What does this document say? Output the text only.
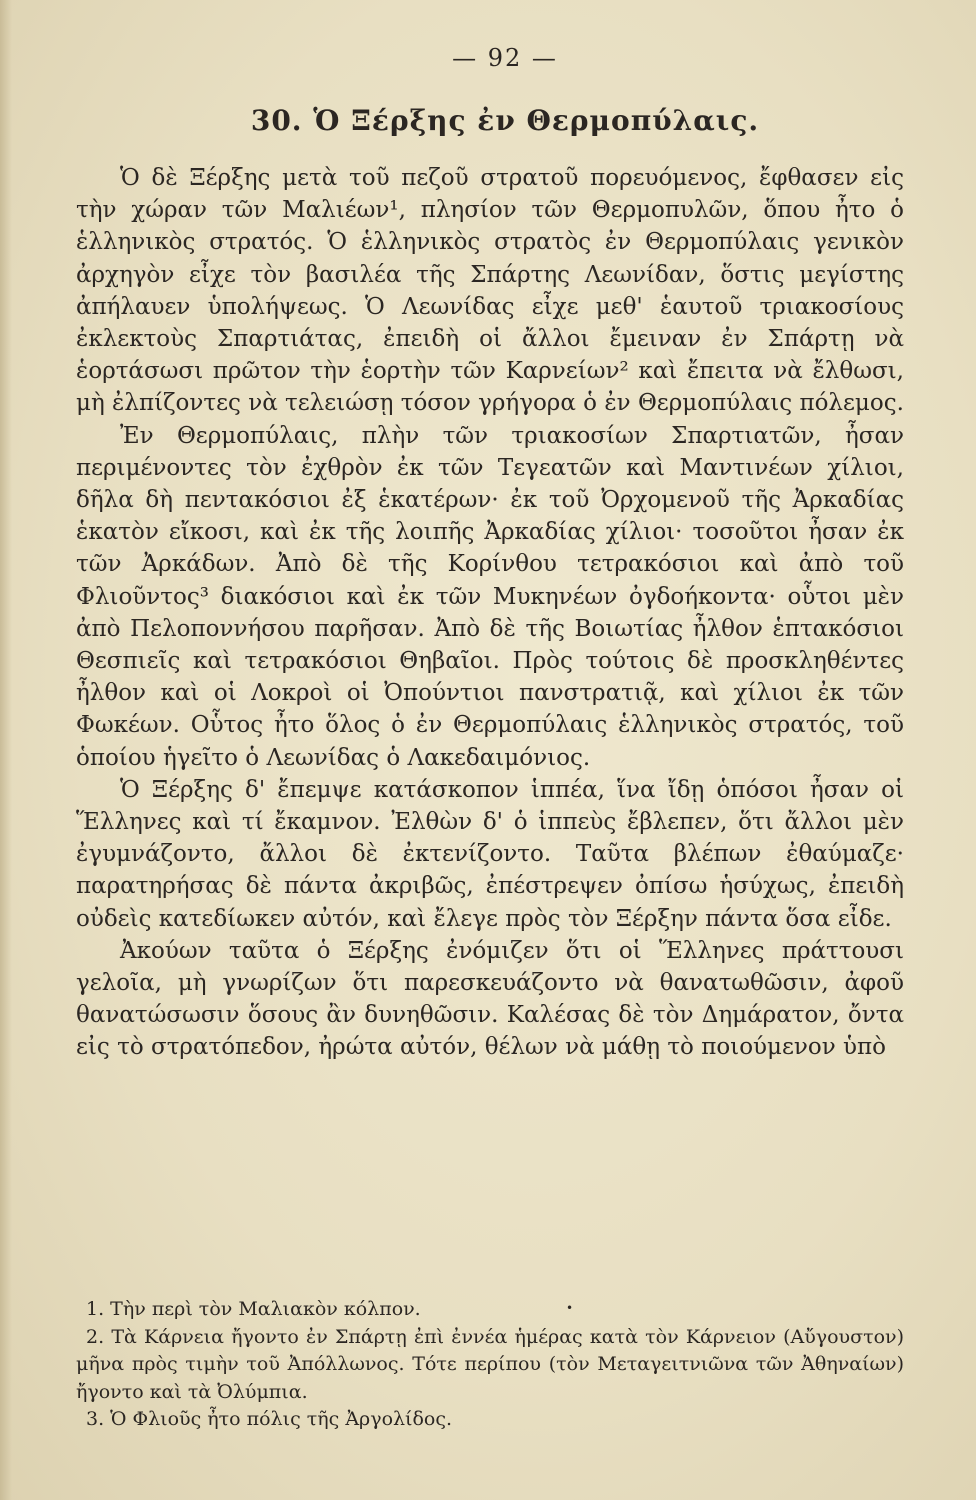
— 92 —
30. Ὁ Ξέρξης ἐν Θερμοπύλαις.

Ὁ δὲ Ξέρξης μετὰ τοῦ πεζοῦ στρατοῦ πορευόμενος, ἔφθασεν εἰς τὴν χώραν τῶν Μαλιέων¹, πλησίον τῶν Θερμοπυλῶν, ὅπου ἦτο ὁ ἑλληνικὸς στρατός. Ὁ ἑλληνικὸς στρατὸς ἐν Θερμοπύλαις γενικὸν ἀρχηγὸν εἶχε τὸν βασιλέα τῆς Σπάρτης Λεωνίδαν, ὅστις μεγίστης ἀπήλαυεν ὑπολήψεως. Ὁ Λεωνίδας εἶχε μεθ' ἑαυτοῦ τριακοσίους ἐκλεκτοὺς Σπαρτιάτας, ἐπειδὴ οἱ ἄλλοι ἔμειναν ἐν Σπάρτῃ νὰ ἑορτάσωσι πρῶτον τὴν ἑορτὴν τῶν Καρνείων² καὶ ἔπειτα νὰ ἔλθωσι, μὴ ἐλπίζοντες νὰ τελειώσῃ τόσον γρήγορα ὁ ἐν Θερμοπύλαις πόλεμος.

Ἐν Θερμοπύλαις, πλὴν τῶν τριακοσίων Σπαρτιατῶν, ἦσαν περιμένοντες τὸν ἐχθρὸν ἐκ τῶν Τεγεατῶν καὶ Μαντινέων χίλιοι, δῆλα δὴ πεντακόσιοι ἐξ ἑκατέρων· ἐκ τοῦ Ὀρχομενοῦ τῆς Ἀρκαδίας ἑκατὸν εἴκοσι, καὶ ἐκ τῆς λοιπῆς Ἀρκαδίας χίλιοι· τοσοῦτοι ἦσαν ἐκ τῶν Ἀρκάδων. Ἀπὸ δὲ τῆς Κορίνθου τετρακόσιοι καὶ ἀπὸ τοῦ Φλιοῦντος³ διακόσιοι καὶ ἐκ τῶν Μυκηνέων ὀγδοήκοντα· οὗτοι μὲν ἀπὸ Πελοποννήσου παρῆσαν. Ἀπὸ δὲ τῆς Βοιωτίας ἦλθον ἑπτακόσιοι Θεσπιεῖς καὶ τετρακόσιοι Θηβαῖοι. Πρὸς τούτοις δὲ προσκληθέντες ἦλθον καὶ οἱ Λοκροὶ οἱ Ὀπούντιοι πανστρατιᾷ, καὶ χίλιοι ἐκ τῶν Φωκέων. Οὗτος ἦτο ὅλος ὁ ἐν Θερμοπύλαις ἑλληνικὸς στρατός, τοῦ ὁποίου ἡγεῖτο ὁ Λεωνίδας ὁ Λακεδαιμόνιος.

Ὁ Ξέρξης δ' ἔπεμψε κατάσκοπον ἱππέα, ἵνα ἴδῃ ὁπόσοι ἦσαν οἱ Ἕλληνες καὶ τί ἔκαμνον. Ἐλθὼν δ' ὁ ἱππεὺς ἔβλεπεν, ὅτι ἄλλοι μὲν ἐγυμνάζοντο, ἄλλοι δὲ ἐκτενίζοντο. Ταῦτα βλέπων ἐθαύμαζε· παρατηρήσας δὲ πάντα ἀκριβῶς, ἐπέστρεψεν ὀπίσω ἡσύχως, ἐπειδὴ οὐδεὶς κατεδίωκεν αὐτόν, καὶ ἔλεγε πρὸς τὸν Ξέρξην πάντα ὅσα εἶδε.

Ἀκούων ταῦτα ὁ Ξέρξης ἐνόμιζεν ὅτι οἱ Ἕλληνες πράττουσι γελοῖα, μὴ γνωρίζων ὅτι παρεσκευάζοντο νὰ θανατωθῶσιν, ἀφοῦ θανατώσωσιν ὅσους ἂν δυνηθῶσιν. Καλέσας δὲ τὸν Δημάρατον, ὄντα εἰς τὸ στρατόπεδον, ἠρώτα αὐτόν, θέλων νὰ μάθῃ τὸ ποιούμενον ὑπὸ

•

1. Τὴν περὶ τὸν Μαλιακὸν κόλπον.

2. Τὰ Κάρνεια ἤγοντο ἐν Σπάρτῃ ἐπὶ ἐννέα ἡμέρας κατὰ τὸν Κάρνειον (Αὔγουστον) μῆνα πρὸς τιμὴν τοῦ Ἀπόλλωνος. Τότε περίπου (τὸν Μεταγειτνιῶνα τῶν Ἀθηναίων) ἤγοντο καὶ τὰ Ὀλύμπια.

3. Ὁ Φλιοῦς ἦτο πόλις τῆς Ἀργολίδος.
